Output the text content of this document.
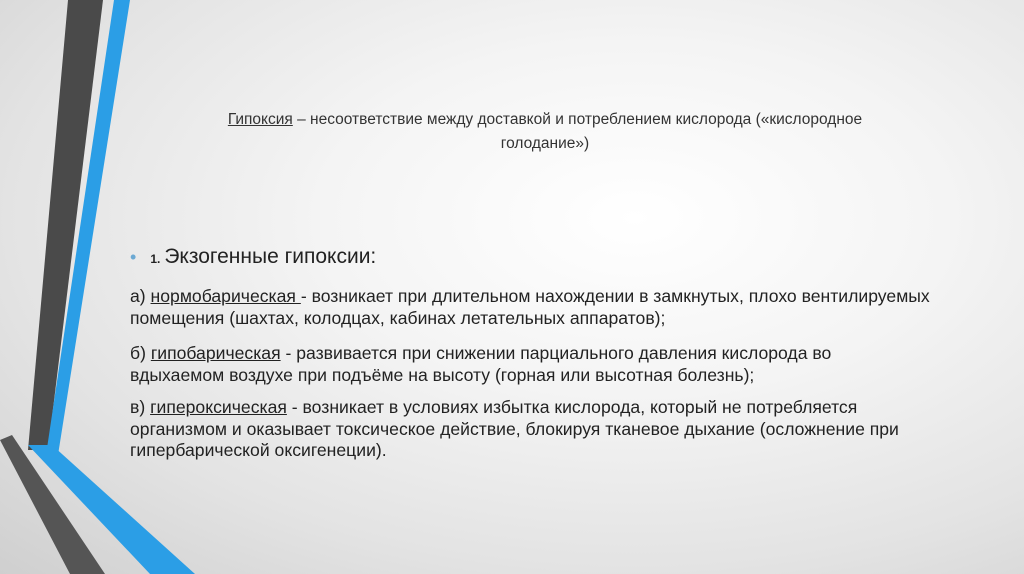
Гипоксия – несоответствие между доставкой и потреблением кислорода («кислородное
голодание»)
• 1. Экзогенные гипоксии:
а) нормобарическая - возникает при длительном нахождении в замкнутых, плохо вентилируемых помещения (шахтах, колодцах, кабинах летательных аппаратов);
б) гипобарическая - развивается при снижении парциального давления кислорода во вдыхаемом воздухе при подъёме на высоту (горная или высотная болезнь);
в) гипероксическая - возникает в условиях избытка кислорода, который не потребляется организмом и оказывает токсическое действие, блокируя тканевое дыхание (осложнение при гипербарической оксигенеции).
